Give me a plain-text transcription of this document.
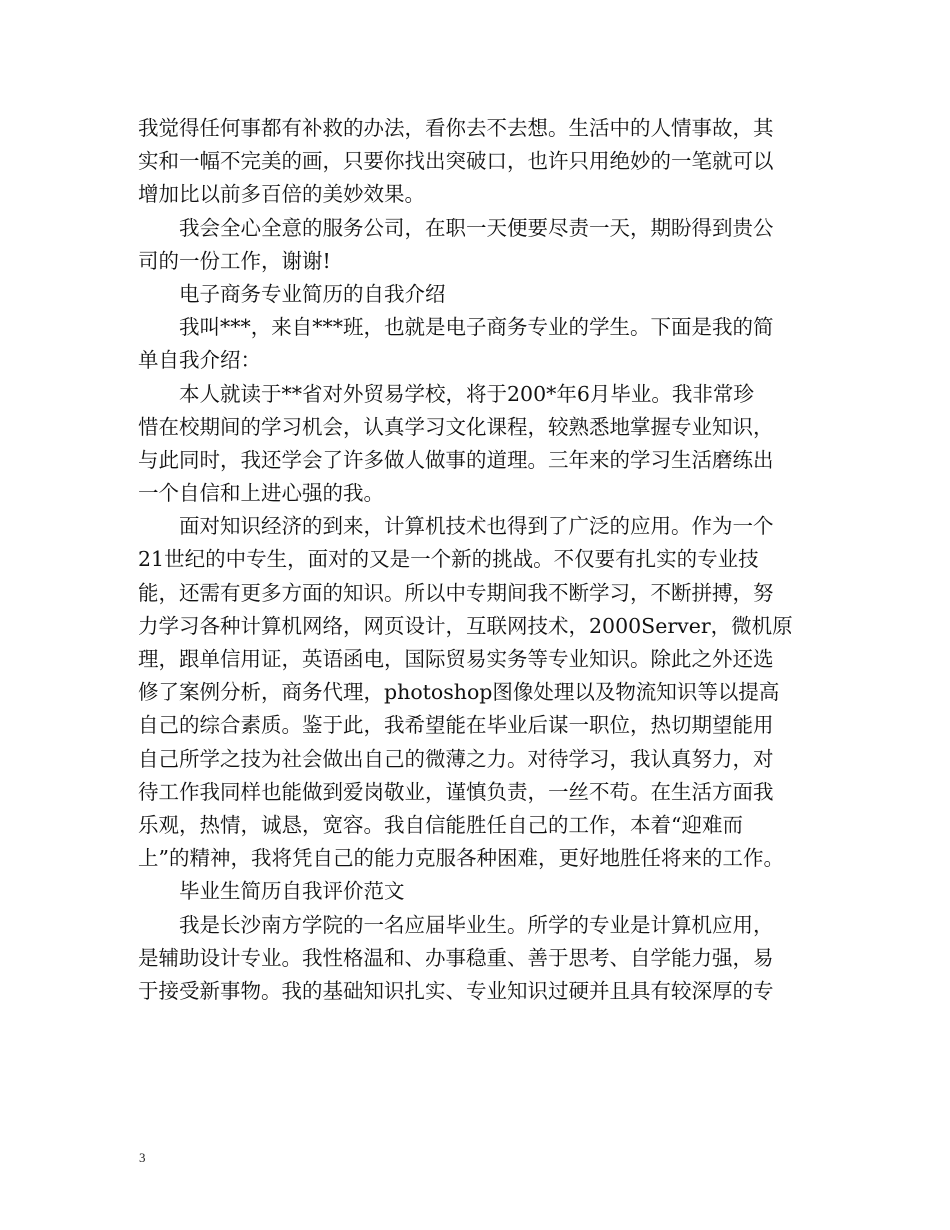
我觉得任何事都有补救的办法，看你去不去想。生活中的人情事故，其
实和一幅不完美的画，只要你找出突破口，也许只用绝妙的一笔就可以
增加比以前多百倍的美妙效果。
我会全心全意的服务公司，在职一天便要尽责一天，期盼得到贵公
司的一份工作，谢谢!
电子商务专业简历的自我介绍
我叫***，来自***班，也就是电子商务专业的学生。下面是我的简
单自我介绍：
本人就读于**省对外贸易学校，将于200*年6月毕业。我非常珍
惜在校期间的学习机会，认真学习文化课程，较熟悉地掌握专业知识，
与此同时，我还学会了许多做人做事的道理。三年来的学习生活磨练出
一个自信和上进心强的我。
面对知识经济的到来，计算机技术也得到了广泛的应用。作为一个
21世纪的中专生，面对的又是一个新的挑战。不仅要有扎实的专业技
能，还需有更多方面的知识。所以中专期间我不断学习，不断拼搏，努
力学习各种计算机网络，网页设计，互联网技术，2000Server，微机原
理，跟单信用证，英语函电，国际贸易实务等专业知识。除此之外还选
修了案例分析，商务代理，photoshop图像处理以及物流知识等以提高
自己的综合素质。鉴于此，我希望能在毕业后谋一职位，热切期望能用
自己所学之技为社会做出自己的微薄之力。对待学习，我认真努力，对
待工作我同样也能做到爱岗敬业，谨慎负责，一丝不苟。在生活方面我
乐观，热情，诚恳，宽容。我自信能胜任自己的工作，本着“迎难而
上”的精神，我将凭自己的能力克服各种困难，更好地胜任将来的工作。
毕业生简历自我评价范文
我是长沙南方学院的一名应届毕业生。所学的专业是计算机应用，
是辅助设计专业。我性格温和、办事稳重、善于思考、自学能力强，易
于接受新事物。我的基础知识扎实、专业知识过硬并且具有较深厚的专
3
